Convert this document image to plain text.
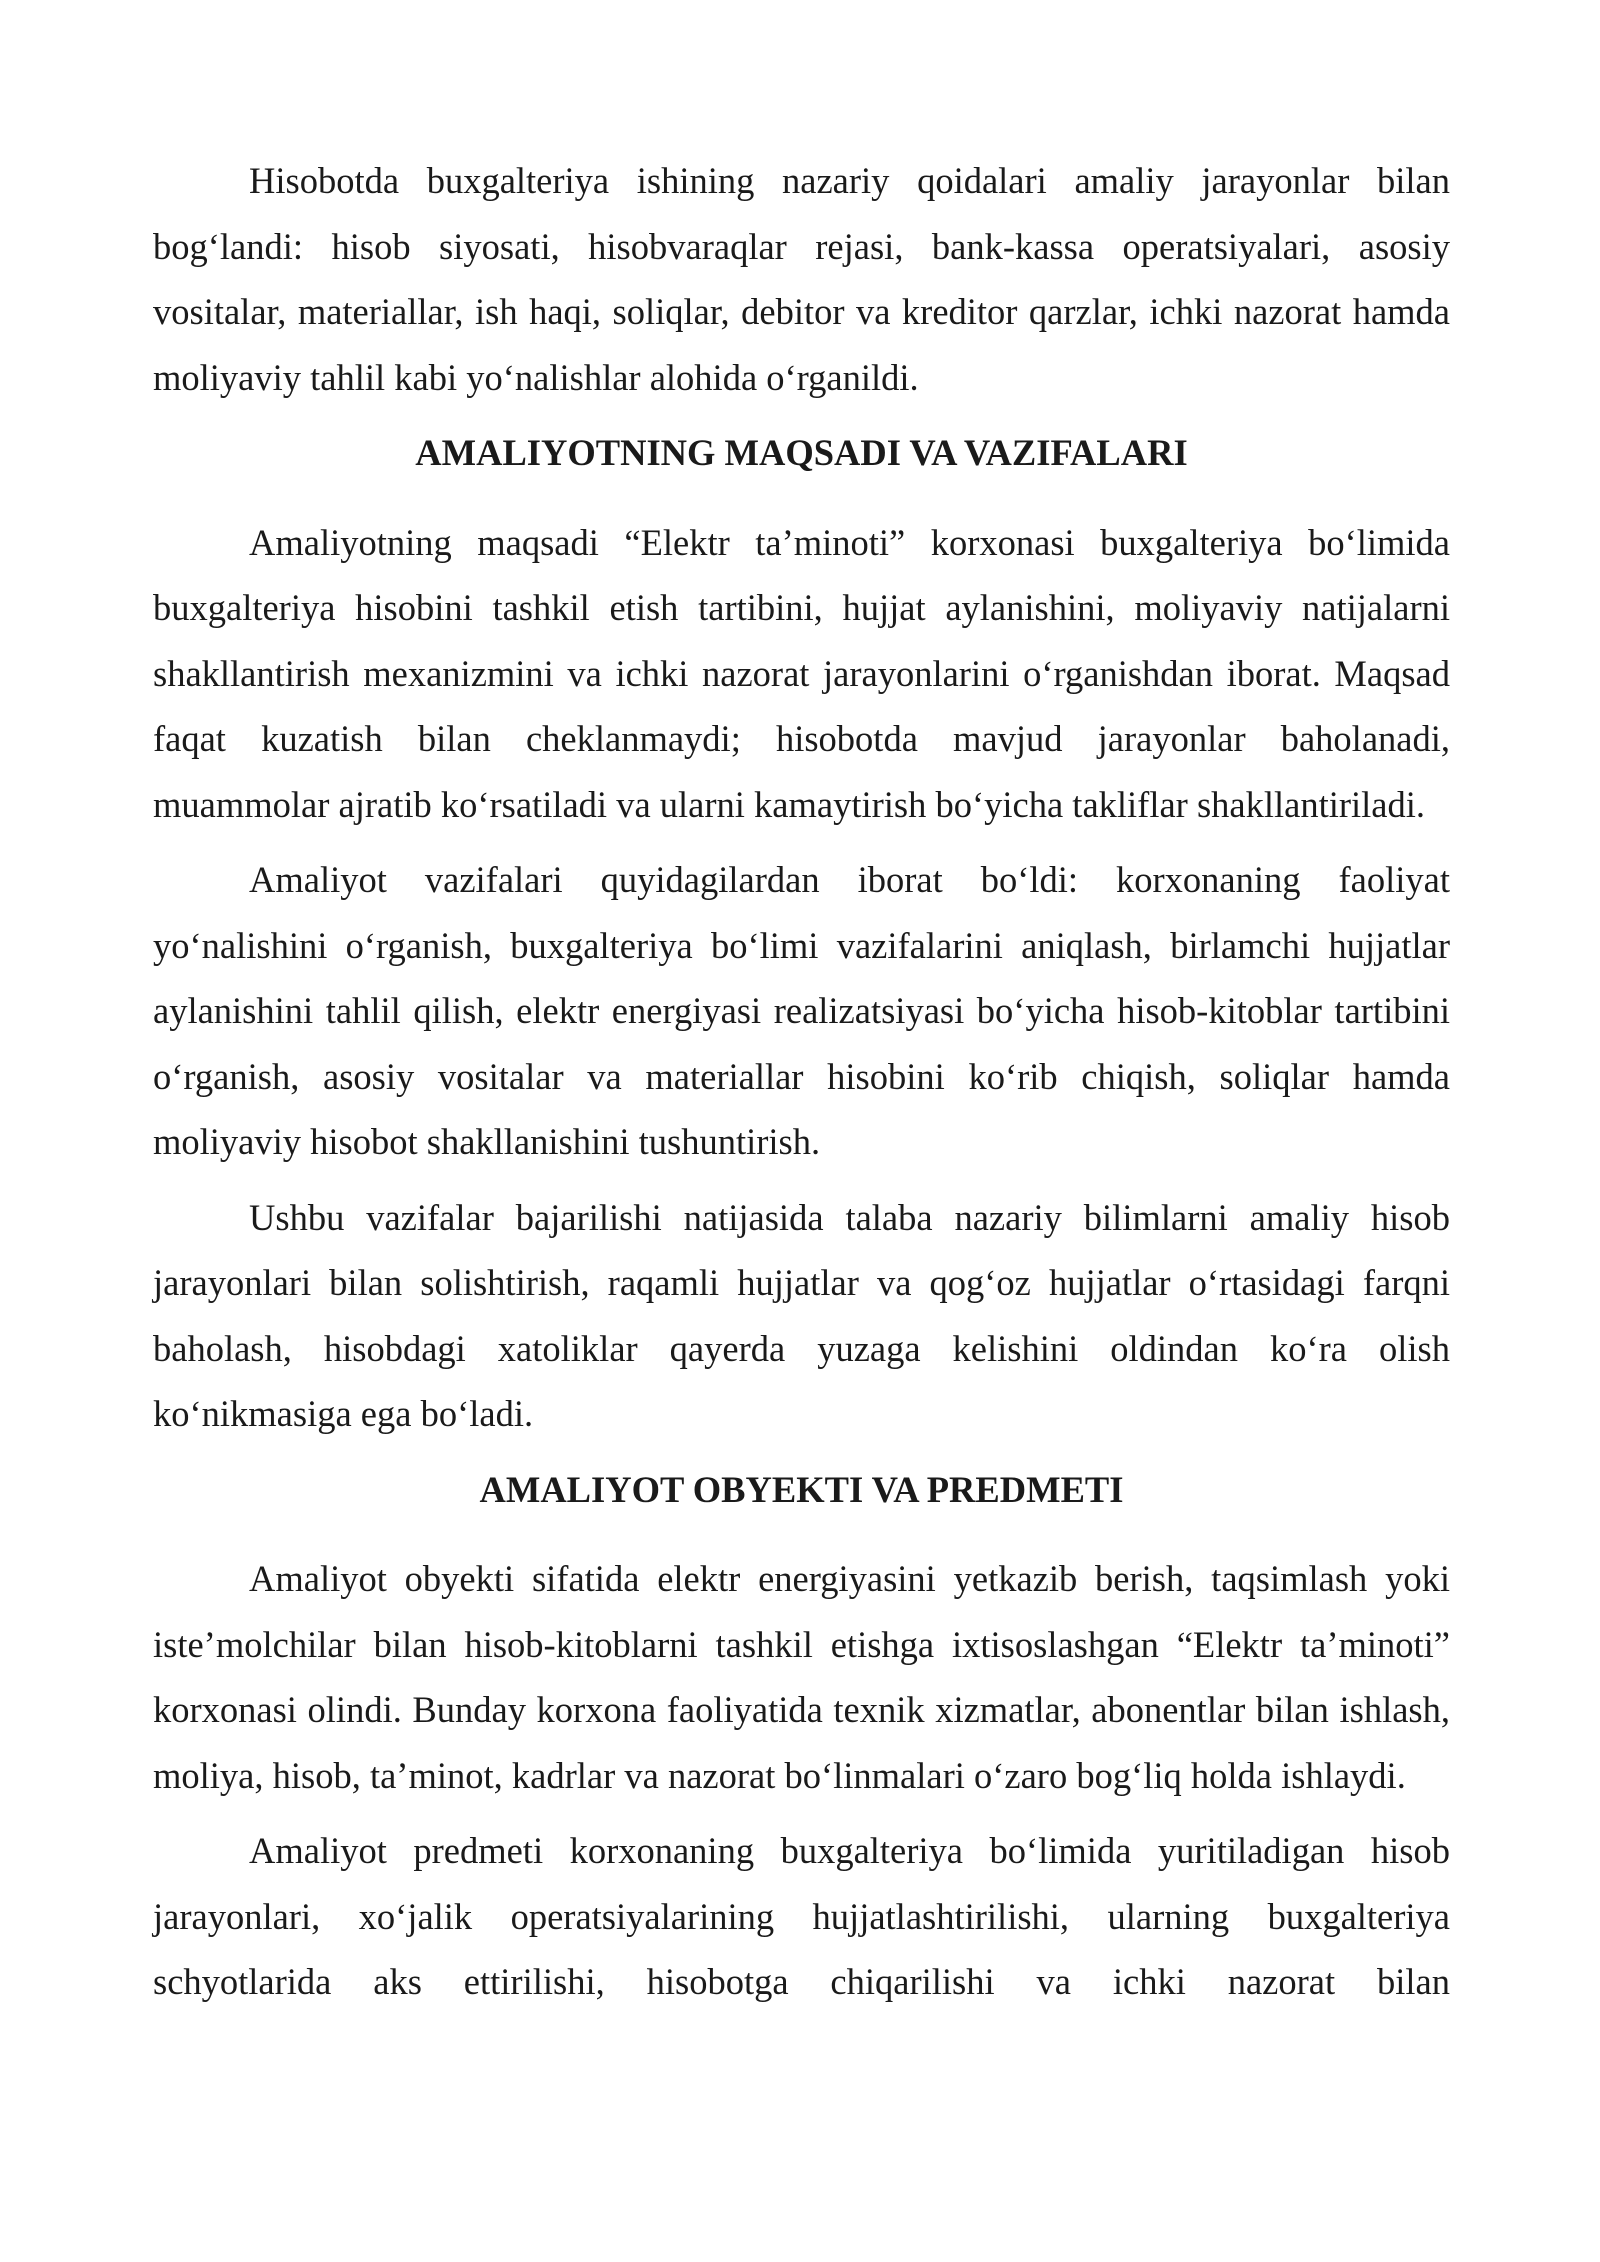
Hisobotda buxgalteriya ishining nazariy qoidalari amaliy jarayonlar bilan bog‘landi: hisob siyosati, hisobvaraqlar rejasi, bank-kassa operatsiyalari, asosiy vositalar, materiallar, ish haqi, soliqlar, debitor va kreditor qarzlar, ichki nazorat hamda moliyaviy tahlil kabi yo‘nalishlar alohida o‘rganildi.

AMALIYOTNING MAQSADI VA VAZIFALARI

Amaliyotning maqsadi “Elektr ta’minoti” korxonasi buxgalteriya bo‘limida buxgalteriya hisobini tashkil etish tartibini, hujjat aylanishini, moliyaviy natijalarni shakllantirish mexanizmini va ichki nazorat jarayonlarini o‘rganishdan iborat. Maqsad faqat kuzatish bilan cheklanmaydi; hisobotda mavjud jarayonlar baholanadi, muammolar ajratib ko‘rsatiladi va ularni kamaytirish bo‘yicha takliflar shakllantiriladi.

Amaliyot vazifalari quyidagilardan iborat bo‘ldi: korxonaning faoliyat yo‘nalishini o‘rganish, buxgalteriya bo‘limi vazifalarini aniqlash, birlamchi hujjatlar aylanishini tahlil qilish, elektr energiyasi realizatsiyasi bo‘yicha hisob-kitoblar tartibini o‘rganish, asosiy vositalar va materiallar hisobini ko‘rib chiqish, soliqlar hamda moliyaviy hisobot shakllanishini tushuntirish.

Ushbu vazifalar bajarilishi natijasida talaba nazariy bilimlarni amaliy hisob jarayonlari bilan solishtirish, raqamli hujjatlar va qog‘oz hujjatlar o‘rtasidagi farqni baholash, hisobdagi xatoliklar qayerda yuzaga kelishini oldindan ko‘ra olish ko‘nikmasiga ega bo‘ladi.

AMALIYOT OBYEKTI VA PREDMETI

Amaliyot obyekti sifatida elektr energiyasini yetkazib berish, taqsimlash yoki iste’molchilar bilan hisob-kitoblarni tashkil etishga ixtisoslashgan “Elektr ta’minoti” korxonasi olindi. Bunday korxona faoliyatida texnik xizmatlar, abonentlar bilan ishlash, moliya, hisob, ta’minot, kadrlar va nazorat bo‘linmalari o‘zaro bog‘liq holda ishlaydi.

Amaliyot predmeti korxonaning buxgalteriya bo‘limida yuritiladigan hisob jarayonlari, xo‘jalik operatsiyalarining hujjatlashtirilishi, ularning buxgalteriya schyotlarida aks ettirilishi, hisobotga chiqarilishi va ichki nazorat bilan
